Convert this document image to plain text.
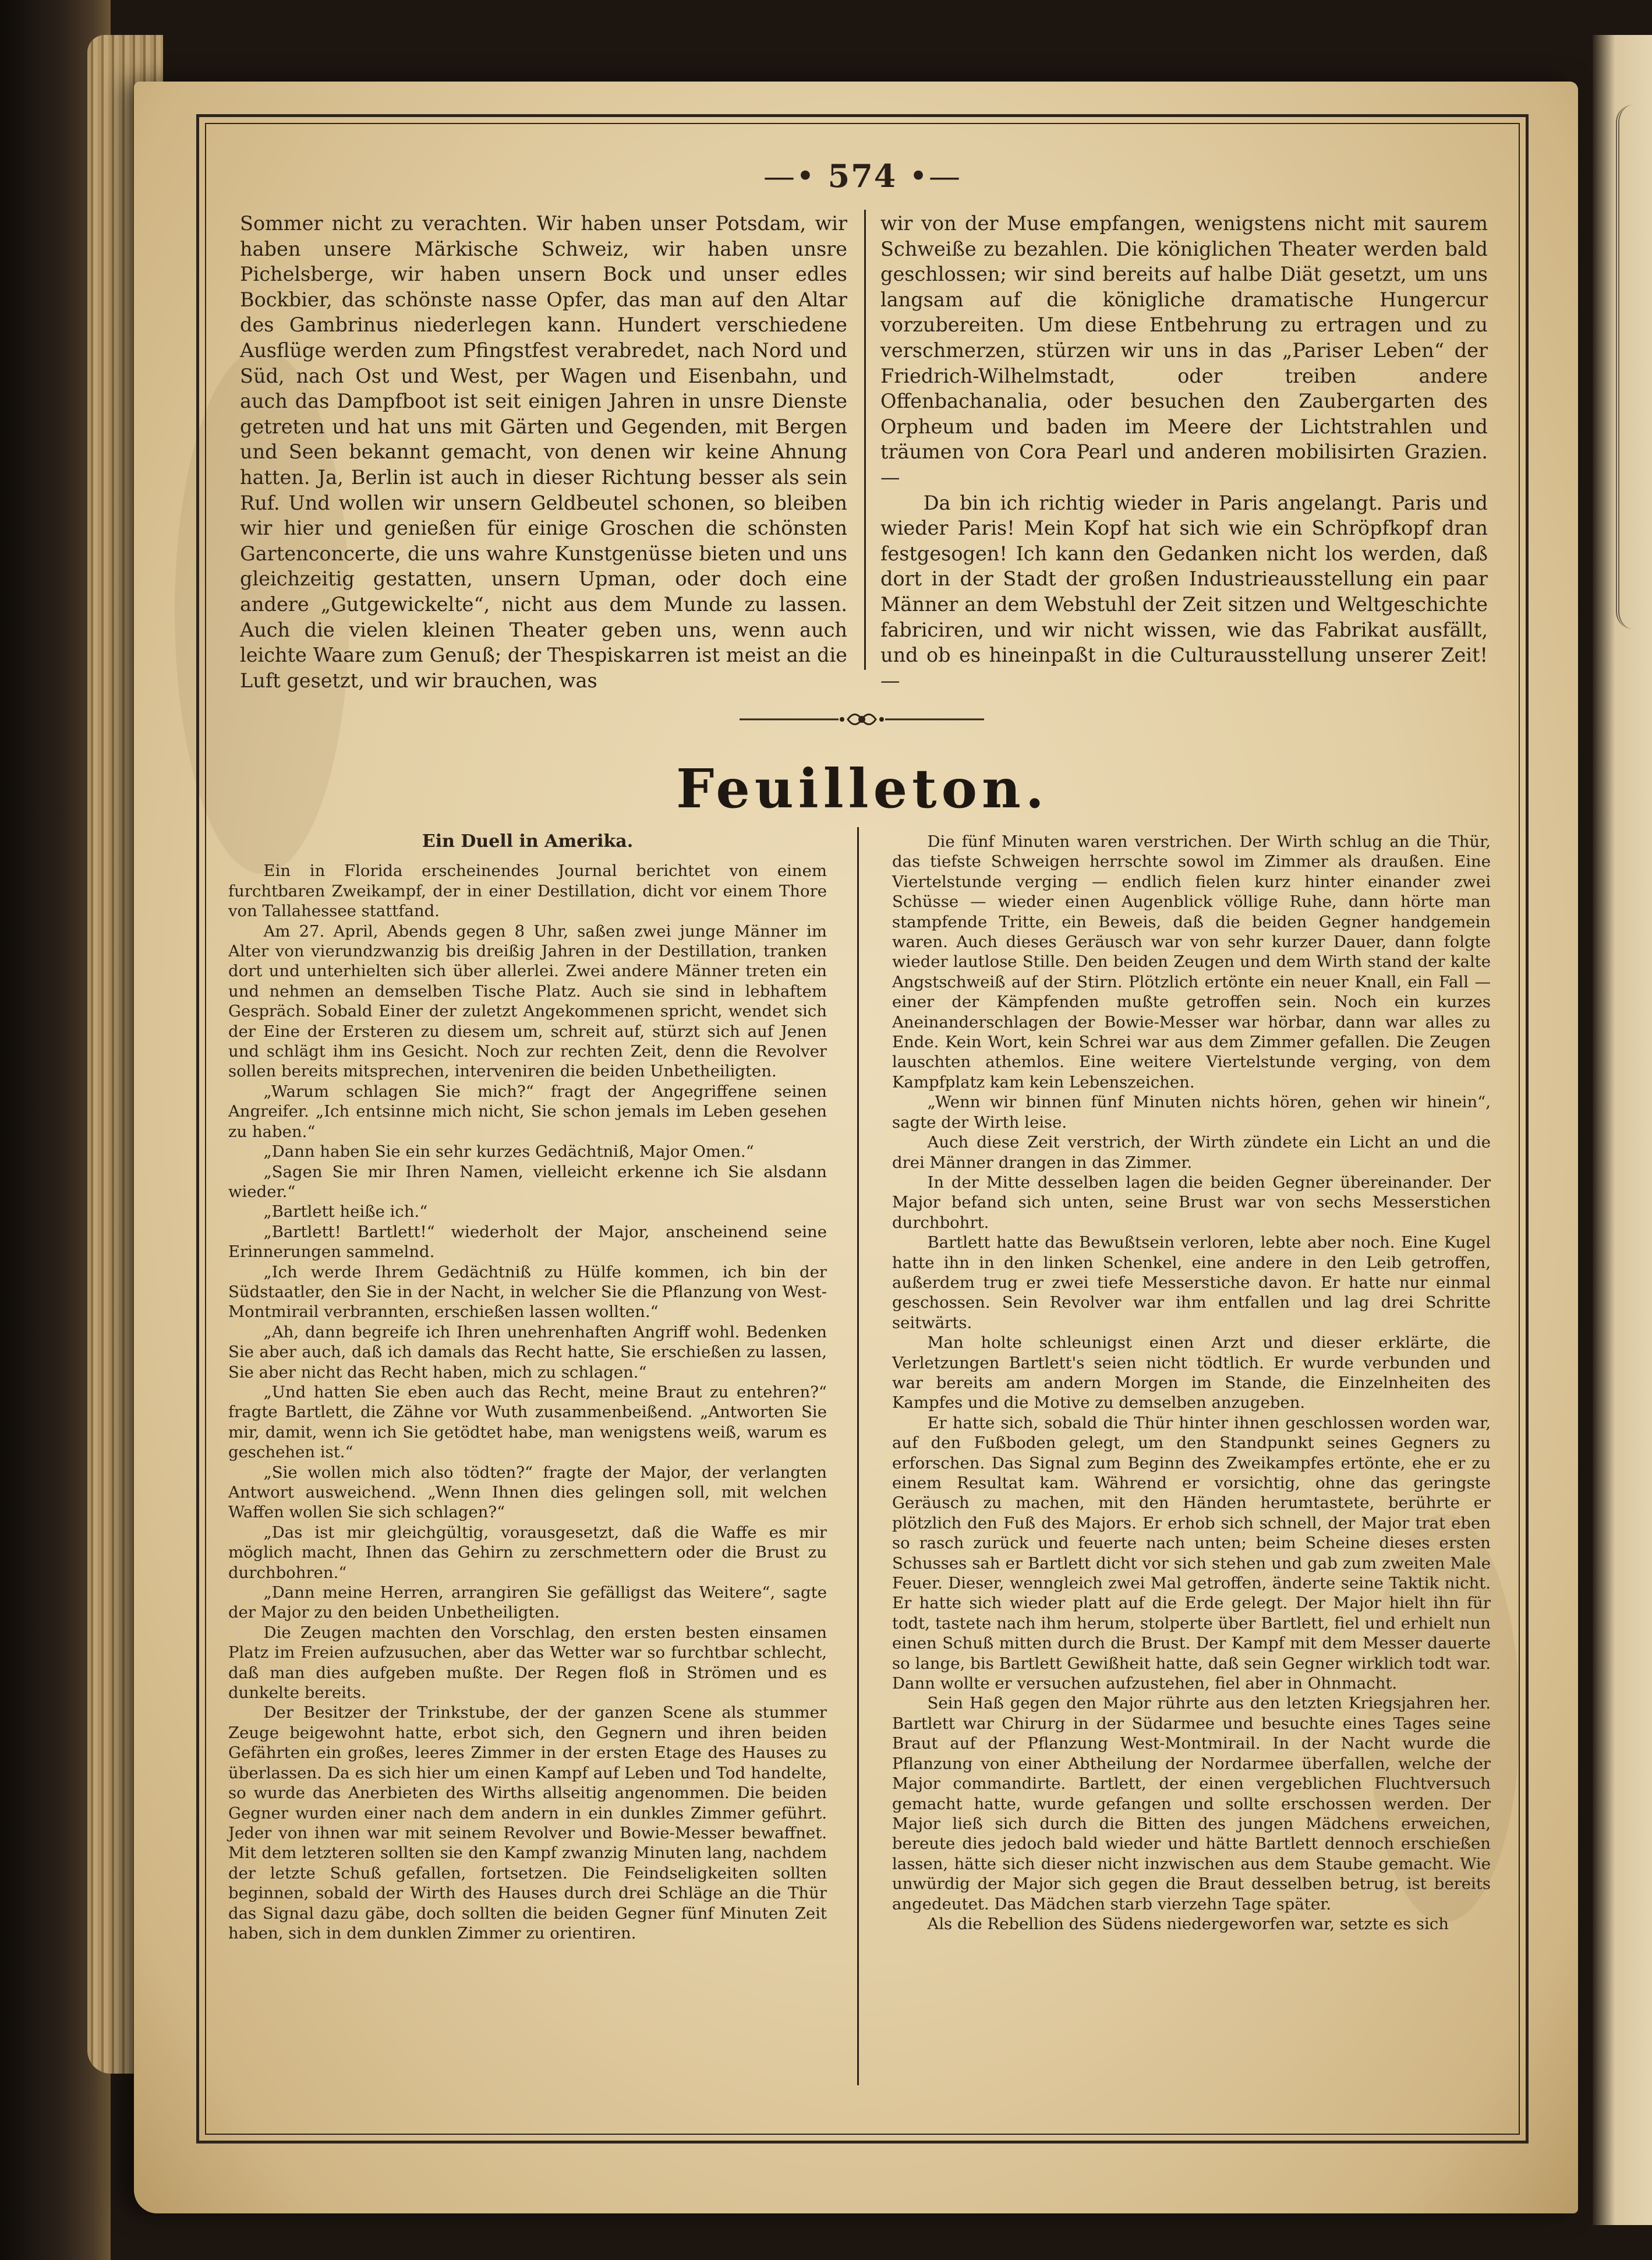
—• 574 •—

Sommer nicht zu verachten. Wir haben unser Potsdam, wir haben unsere Märkische Schweiz, wir haben unsre Pichelsberge, wir haben unsern Bock und unser edles Bockbier, das schönste nasse Opfer, das man auf den Altar des Gambrinus niederlegen kann. Hundert verschiedene Ausflüge werden zum Pfingstfest verabredet, nach Nord und Süd, nach Ost und West, per Wagen und Eisenbahn, und auch das Dampfboot ist seit einigen Jahren in unsre Dienste getreten und hat uns mit Gärten und Gegenden, mit Bergen und Seen bekannt gemacht, von denen wir keine Ahnung hatten. Ja, Berlin ist auch in dieser Richtung besser als sein Ruf. Und wollen wir unsern Geldbeutel schonen, so bleiben wir hier und genießen für einige Groschen die schönsten Gartenconcerte, die uns wahre Kunstgenüsse bieten und uns gleichzeitig gestatten, unsern Upman, oder doch eine andere „Gutgewickelte“, nicht aus dem Munde zu lassen. Auch die vielen kleinen Theater geben uns, wenn auch leichte Waare zum Genuß; der Thespiskarren ist meist an die Luft gesetzt, und wir brauchen, was

wir von der Muse empfangen, wenigstens nicht mit saurem Schweiße zu bezahlen. Die königlichen Theater werden bald geschlossen; wir sind bereits auf halbe Diät gesetzt, um uns langsam auf die königliche dramatische Hungercur vorzubereiten. Um diese Entbehrung zu ertragen und zu verschmerzen, stürzen wir uns in das „Pariser Leben“ der Friedrich-Wilhelmstadt, oder treiben andere Offenbachanalia, oder besuchen den Zaubergarten des Orpheum und baden im Meere der Lichtstrahlen und träumen von Cora Pearl und anderen mobilisirten Grazien. —

Da bin ich richtig wieder in Paris angelangt. Paris und wieder Paris! Mein Kopf hat sich wie ein Schröpfkopf dran festgesogen! Ich kann den Gedanken nicht los werden, daß dort in der Stadt der großen Industrieausstellung ein paar Männer an dem Webstuhl der Zeit sitzen und Weltgeschichte fabriciren, und wir nicht wissen, wie das Fabrikat ausfällt, und ob es hineinpaßt in die Culturausstellung unserer Zeit! —

Feuilleton.

Ein Duell in Amerika.

Ein in Florida erscheinendes Journal berichtet von einem furchtbaren Zweikampf, der in einer Destillation, dicht vor einem Thore von Tallahessee stattfand.

Am 27. April, Abends gegen 8 Uhr, saßen zwei junge Männer im Alter von vierundzwanzig bis dreißig Jahren in der Destillation, tranken dort und unterhielten sich über allerlei. Zwei andere Männer treten ein und nehmen an demselben Tische Platz. Auch sie sind in lebhaftem Gespräch. Sobald Einer der zuletzt Angekommenen spricht, wendet sich der Eine der Ersteren zu diesem um, schreit auf, stürzt sich auf Jenen und schlägt ihm ins Gesicht. Noch zur rechten Zeit, denn die Revolver sollen bereits mitsprechen, interveniren die beiden Unbetheiligten.

„Warum schlagen Sie mich?“ fragt der Angegriffene seinen Angreifer. „Ich entsinne mich nicht, Sie schon jemals im Leben gesehen zu haben.“

„Dann haben Sie ein sehr kurzes Gedächtniß, Major Omen.“

„Sagen Sie mir Ihren Namen, vielleicht erkenne ich Sie alsdann wieder.“

„Bartlett heiße ich.“

„Bartlett! Bartlett!“ wiederholt der Major, anscheinend seine Erinnerungen sammelnd.

„Ich werde Ihrem Gedächtniß zu Hülfe kommen, ich bin der Südstaatler, den Sie in der Nacht, in welcher Sie die Pflanzung von West-Montmirail verbrannten, erschießen lassen wollten.“

„Ah, dann begreife ich Ihren unehrenhaften Angriff wohl. Bedenken Sie aber auch, daß ich damals das Recht hatte, Sie erschießen zu lassen, Sie aber nicht das Recht haben, mich zu schlagen.“

„Und hatten Sie eben auch das Recht, meine Braut zu entehren?“ fragte Bartlett, die Zähne vor Wuth zusammenbeißend. „Antworten Sie mir, damit, wenn ich Sie getödtet habe, man wenigstens weiß, warum es geschehen ist.“

„Sie wollen mich also tödten?“ fragte der Major, der verlangten Antwort ausweichend. „Wenn Ihnen dies gelingen soll, mit welchen Waffen wollen Sie sich schlagen?“

„Das ist mir gleichgültig, vorausgesetzt, daß die Waffe es mir möglich macht, Ihnen das Gehirn zu zerschmettern oder die Brust zu durchbohren.“

„Dann meine Herren, arrangiren Sie gefälligst das Weitere“, sagte der Major zu den beiden Unbetheiligten.

Die Zeugen machten den Vorschlag, den ersten besten einsamen Platz im Freien aufzusuchen, aber das Wetter war so furchtbar schlecht, daß man dies aufgeben mußte. Der Regen floß in Strömen und es dunkelte bereits.

Der Besitzer der Trinkstube, der der ganzen Scene als stummer Zeuge beigewohnt hatte, erbot sich, den Gegnern und ihren beiden Gefährten ein großes, leeres Zimmer in der ersten Etage des Hauses zu überlassen. Da es sich hier um einen Kampf auf Leben und Tod handelte, so wurde das Anerbieten des Wirths allseitig angenommen. Die beiden Gegner wurden einer nach dem andern in ein dunkles Zimmer geführt. Jeder von ihnen war mit seinem Revolver und Bowie-Messer bewaffnet. Mit dem letzteren sollten sie den Kampf zwanzig Minuten lang, nachdem der letzte Schuß gefallen, fortsetzen. Die Feindseligkeiten sollten beginnen, sobald der Wirth des Hauses durch drei Schläge an die Thür das Signal dazu gäbe, doch sollten die beiden Gegner fünf Minuten Zeit haben, sich in dem dunklen Zimmer zu orientiren.

Die fünf Minuten waren verstrichen. Der Wirth schlug an die Thür, das tiefste Schweigen herrschte sowol im Zimmer als draußen. Eine Viertelstunde verging — endlich fielen kurz hinter einander zwei Schüsse — wieder einen Augenblick völlige Ruhe, dann hörte man stampfende Tritte, ein Beweis, daß die beiden Gegner handgemein waren. Auch dieses Geräusch war von sehr kurzer Dauer, dann folgte wieder lautlose Stille. Den beiden Zeugen und dem Wirth stand der kalte Angstschweiß auf der Stirn. Plötzlich ertönte ein neuer Knall, ein Fall — einer der Kämpfenden mußte getroffen sein. Noch ein kurzes Aneinanderschlagen der Bowie-Messer war hörbar, dann war alles zu Ende. Kein Wort, kein Schrei war aus dem Zimmer gefallen. Die Zeugen lauschten athemlos. Eine weitere Viertelstunde verging, von dem Kampfplatz kam kein Lebenszeichen.

„Wenn wir binnen fünf Minuten nichts hören, gehen wir hinein“, sagte der Wirth leise.

Auch diese Zeit verstrich, der Wirth zündete ein Licht an und die drei Männer drangen in das Zimmer.

In der Mitte desselben lagen die beiden Gegner übereinander. Der Major befand sich unten, seine Brust war von sechs Messerstichen durchbohrt.

Bartlett hatte das Bewußtsein verloren, lebte aber noch. Eine Kugel hatte ihn in den linken Schenkel, eine andere in den Leib getroffen, außerdem trug er zwei tiefe Messerstiche davon. Er hatte nur einmal geschossen. Sein Revolver war ihm entfallen und lag drei Schritte seitwärts.

Man holte schleunigst einen Arzt und dieser erklärte, die Verletzungen Bartlett's seien nicht tödtlich. Er wurde verbunden und war bereits am andern Morgen im Stande, die Einzelnheiten des Kampfes und die Motive zu demselben anzugeben.

Er hatte sich, sobald die Thür hinter ihnen geschlossen worden war, auf den Fußboden gelegt, um den Standpunkt seines Gegners zu erforschen. Das Signal zum Beginn des Zweikampfes ertönte, ehe er zu einem Resultat kam. Während er vorsichtig, ohne das geringste Geräusch zu machen, mit den Händen herumtastete, berührte er plötzlich den Fuß des Majors. Er erhob sich schnell, der Major trat eben so rasch zurück und feuerte nach unten; beim Scheine dieses ersten Schusses sah er Bartlett dicht vor sich stehen und gab zum zweiten Male Feuer. Dieser, wennglеich zwei Mal getroffen, änderte seine Taktik nicht. Er hatte sich wieder platt auf die Erde gelegt. Der Major hielt ihn für todt, tastete nach ihm herum, stolperte über Bartlett, fiel und erhielt nun einen Schuß mitten durch die Brust. Der Kampf mit dem Messer dauerte so lange, bis Bartlett Gewißheit hatte, daß sein Gegner wirklich todt war. Dann wollte er versuchen aufzustehen, fiel aber in Ohnmacht.

Sein Haß gegen den Major rührte aus den letzten Kriegsjahren her. Bartlett war Chirurg in der Südarmee und besuchte eines Tages seine Braut auf der Pflanzung West-Montmirail. In der Nacht wurde die Pflanzung von einer Abtheilung der Nordarmee überfallen, welche der Major commandirte. Bartlett, der einen vergeblichen Fluchtversuch gemacht hatte, wurde gefangen und sollte erschossen werden. Der Major ließ sich durch die Bitten des jungen Mädchens erweichen, bereute dies jedoch bald wieder und hätte Bartlett dennoch erschießen lassen, hätte sich dieser nicht inzwischen aus dem Staube gemacht. Wie unwürdig der Major sich gegen die Braut desselben betrug, ist bereits angedeutet. Das Mädchen starb vierzehn Tage später.

Als die Rebellion des Südens niedergeworfen war, setzte es sich
